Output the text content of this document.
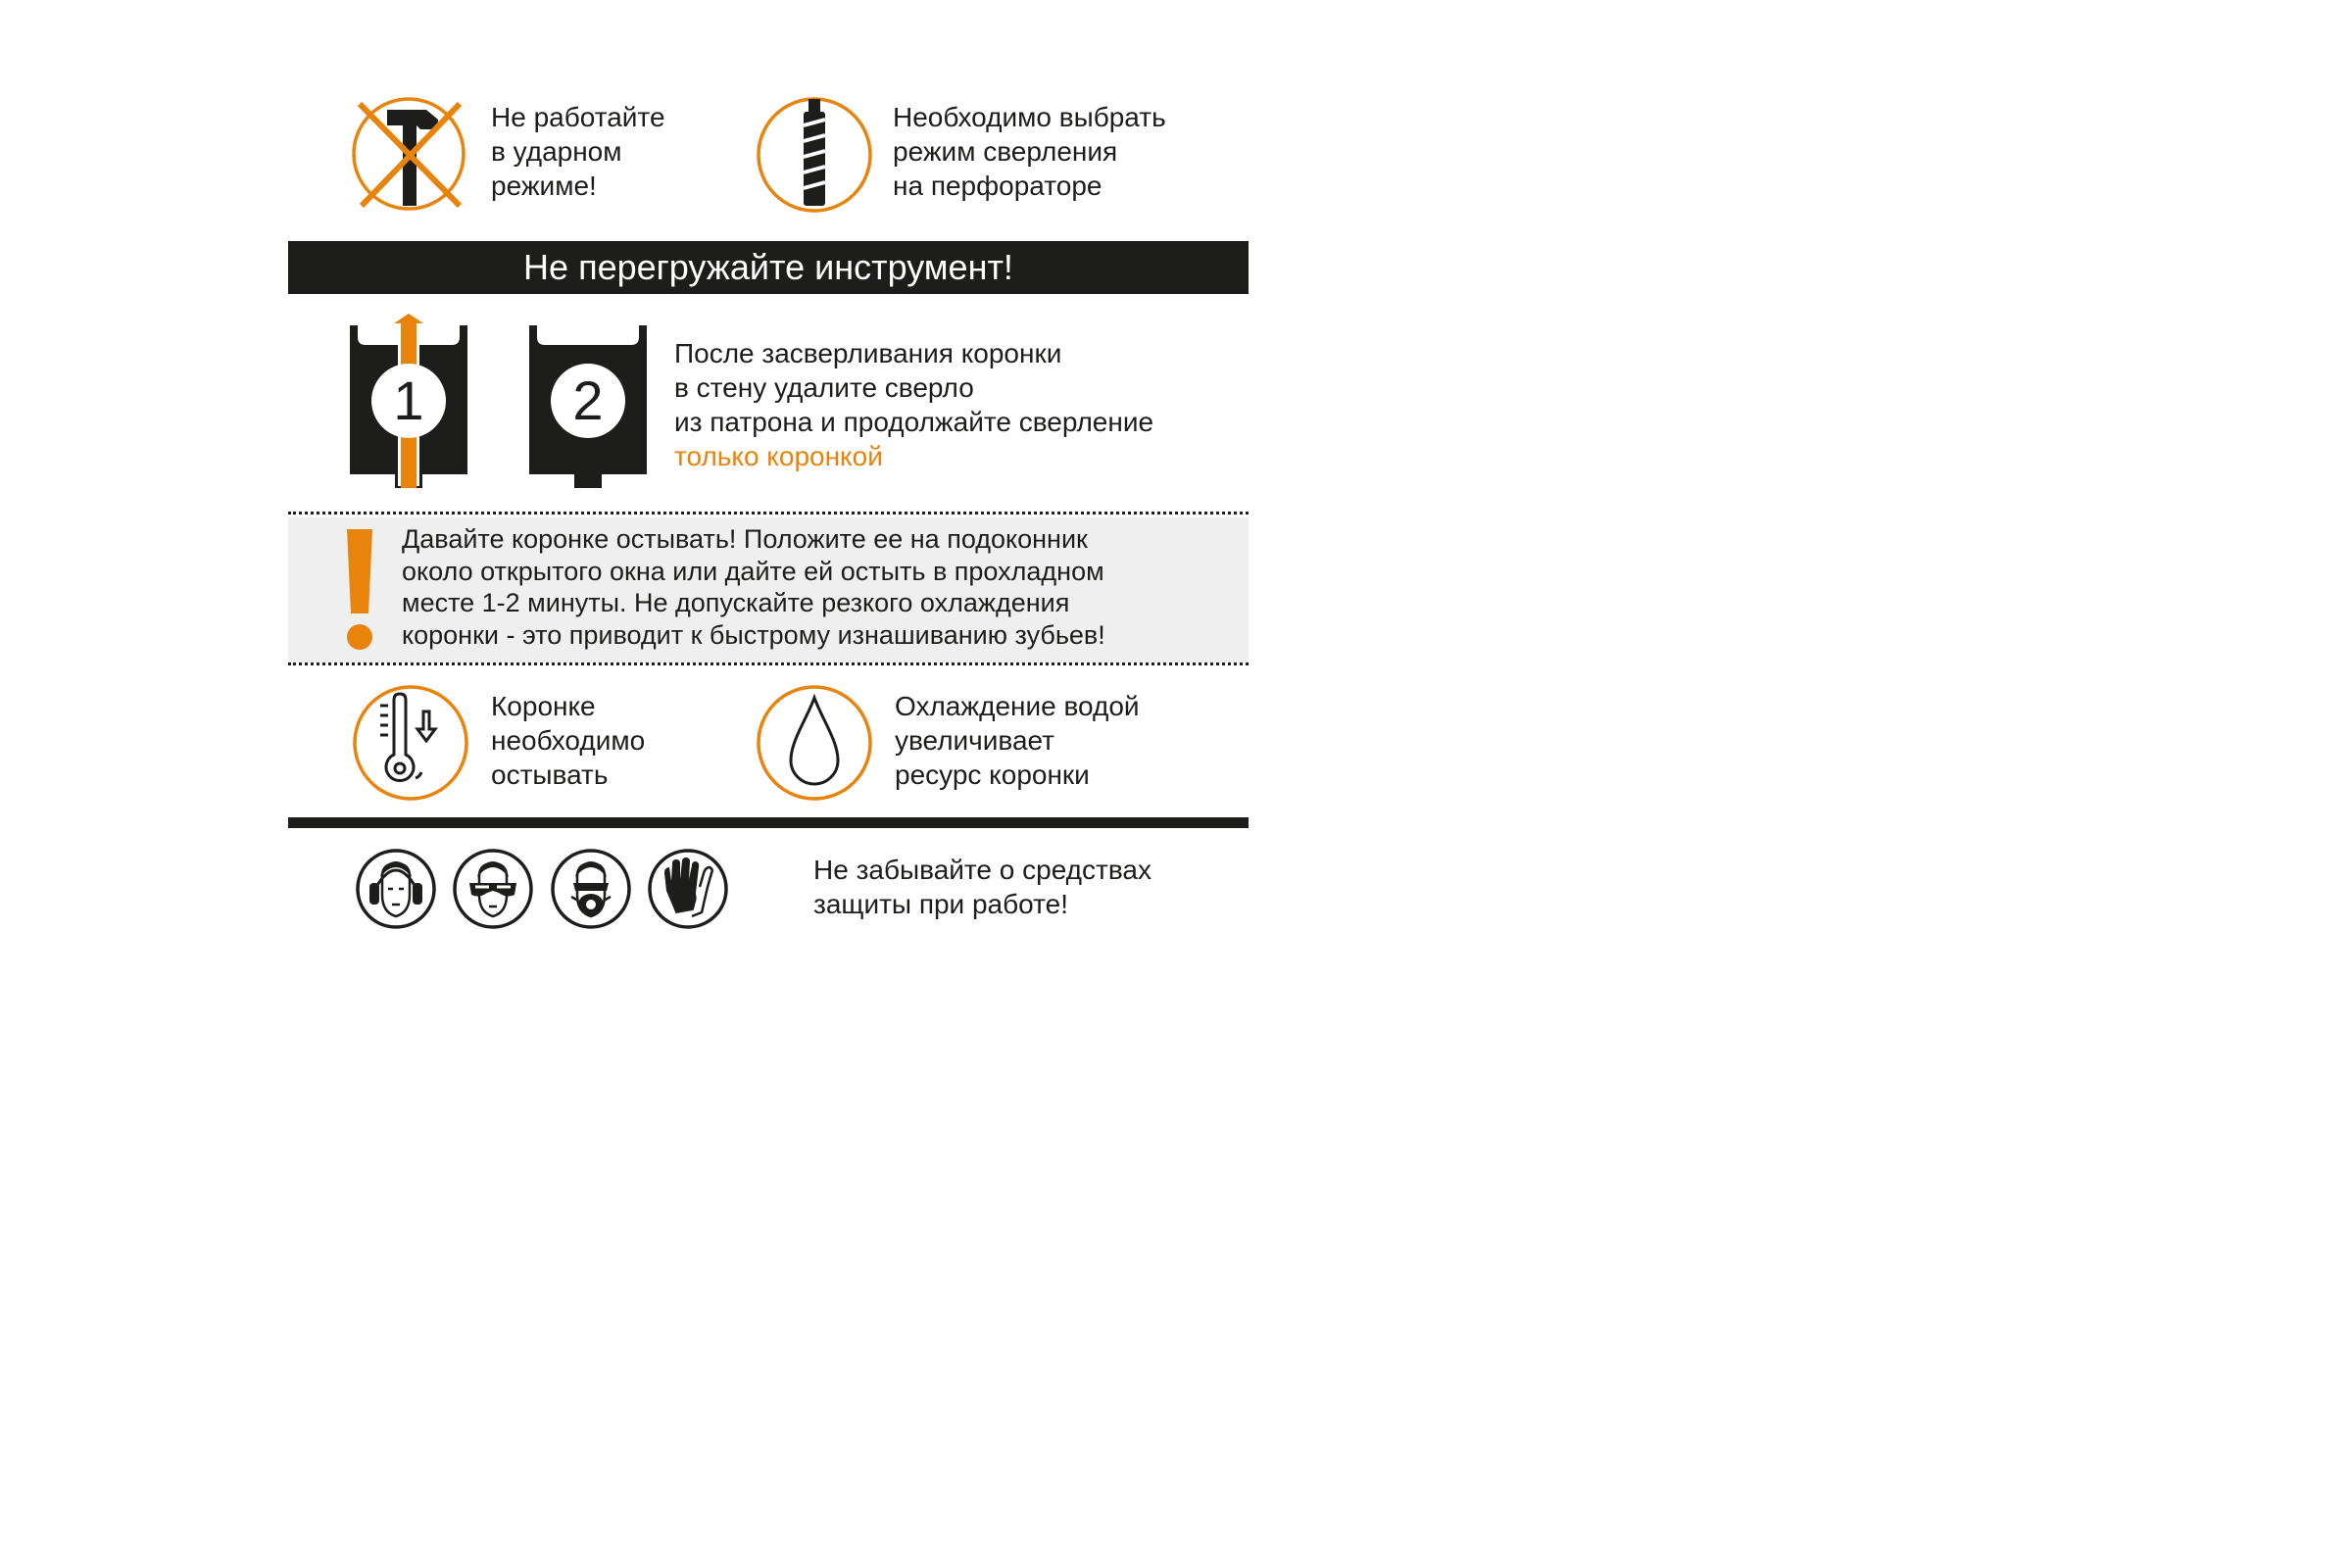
Не работайте
в ударном
режиме!
Необходимо выбрать
режим сверления
на перфораторе
Не перегружайте инструмент!
1	2
После засверливания коронки
в стену удалите сверло
из патрона и продолжайте сверление
только коронкой
Давайте коронке остывать! Положите ее на подоконник
около открытого окна или дайте ей остыть в прохладном
месте 1-2 минуты. Не допускайте резкого охлаждения
коронки - это приводит к быстрому изнашиванию зубьев!
Коронке
необходимо
остывать
Охлаждение водой
увеличивает
ресурс коронки
Не забывайте о средствах
защиты при работе!
